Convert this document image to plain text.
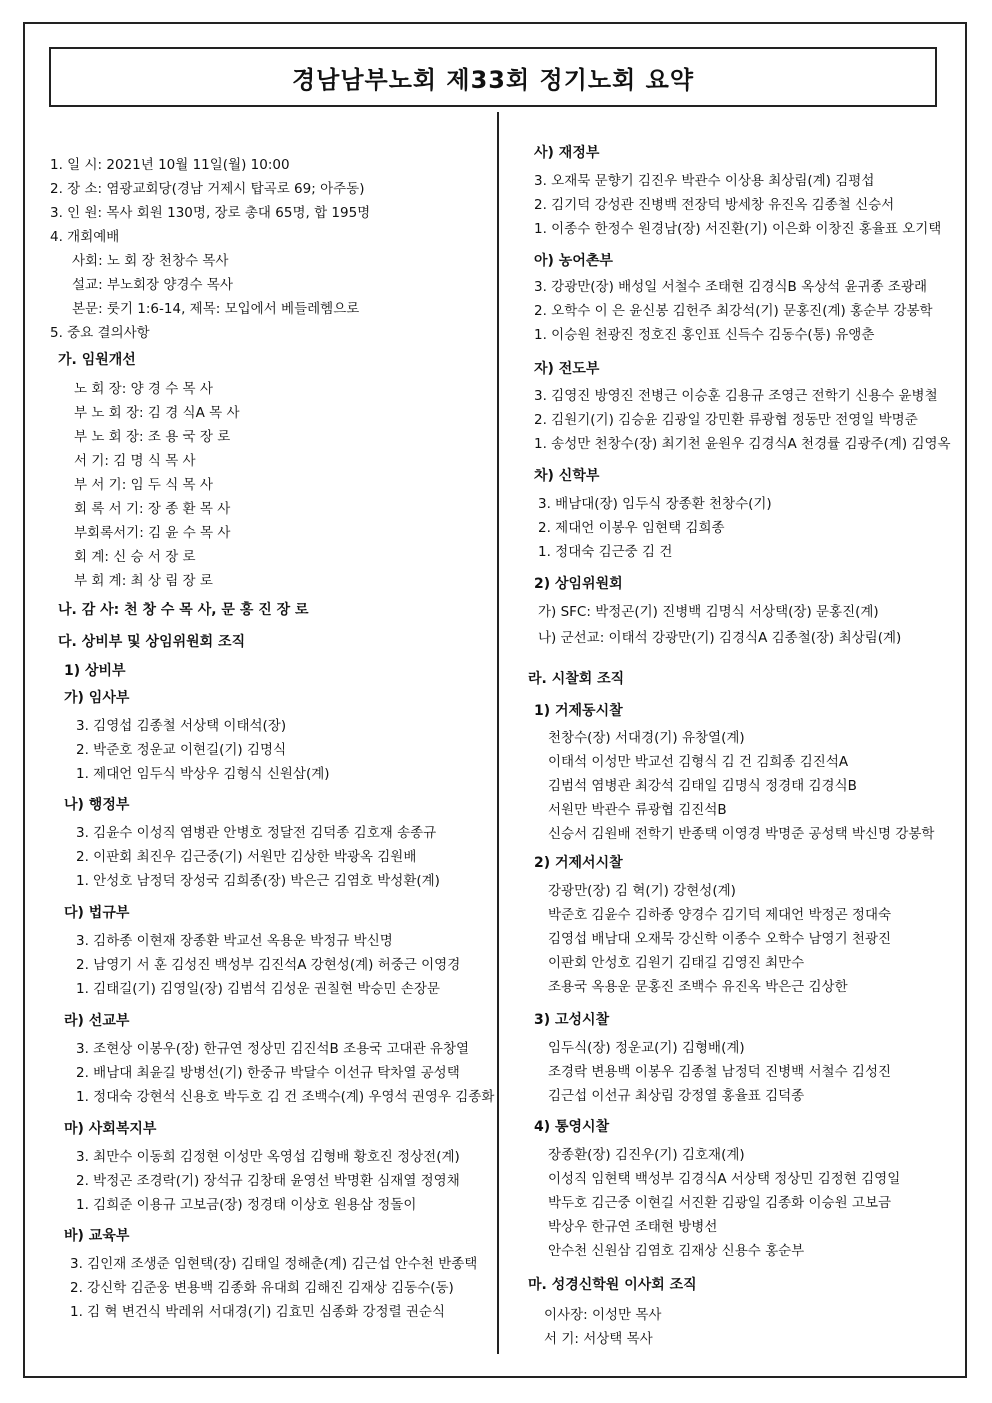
경남남부노회 제33회 정기노회 요약
1. 일 시: 2021년 10월 11일(월) 10:00
2. 장 소: 염광교회당(경남 거제시 탑곡로 69; 아주동)
3. 인 원: 목사 회원 130명, 장로 총대 65명, 합 195명
4. 개회예배
사회: 노 회 장 천창수 목사
설교: 부노회장 양경수 목사
본문: 룻기 1:6-14, 제목: 모입에서 베들레헴으로
5. 중요 결의사항
가. 임원개선
노 회 장: 양 경 수 목 사
부 노 회 장: 김 경 식A 목 사
부 노 회 장: 조 용 국 장 로
서 기: 김 명 식 목 사
부 서 기: 임 두 식 목 사
회 록 서 기: 장 종 환 목 사
부회록서기: 김 윤 수 목 사
회 계: 신 승 서 장 로
부 회 계: 최 상 림 장 로
나. 감 사: 천 창 수 목 사, 문 홍 진 장 로
다. 상비부 및 상임위원회 조직
1) 상비부
가) 임사부
3. 김영섭 김종철 서상택 이태석(장)
2. 박준호 정운교 이현길(기) 김명식
1. 제대언 임두식 박상우 김형식 신원삼(계)
나) 행정부
3. 김윤수 이성직 염병관 안병호 정달전 김덕종 김호재 송종규
2. 이판회 최진우 김근중(기) 서원만 김상한 박광옥 김원배
1. 안성호 남정덕 장성국 김희종(장) 박은근 김염호 박성환(계)
다) 법규부
3. 김하종 이현재 장종환 박교선 옥용운 박정규 박신명
2. 남영기 서 훈 김성진 백성부 김진석A 강현성(계) 허중근 이영경
1. 김태길(기) 김영일(장) 김범석 김성운 권칠현 박승민 손장문
라) 선교부
3. 조현상 이봉우(장) 한규연 정상민 김진석B 조용국 고대관 유창열
2. 배남대 최윤길 방병선(기) 한중규 박달수 이선규 탁차열 공성택
1. 정대숙 강현석 신용호 박두호 김 건 조백수(계) 우영석 권영우 김종화
마) 사회복지부
3. 최만수 이동희 김정현 이성만 옥영섭 김형배 황호진 정상전(계)
2. 박정곤 조경락(기) 장석규 김창태 윤영선 박명환 심재열 정영채
1. 김희준 이용규 고보금(장) 정경태 이상호 원용삼 정돌이
바) 교육부
3. 김인재 조생준 임현택(장) 김태일 정해춘(계) 김근섭 안수천 반종택
2. 강신학 김준웅 변용백 김종화 유대희 김해진 김재상 김동수(동)
1. 김 혁 변건식 박레위 서대경(기) 김효민 심종화 강정렬 권순식
사) 재정부
3. 오재묵 문향기 김진우 박관수 이상용 최상림(계) 김평섭
2. 김기덕 강성관 진병백 전장덕 방세창 유진옥 김종철 신승서
1. 이종수 한정수 원경남(장) 서진환(기) 이은화 이창진 홍율표 오기택
아) 농어촌부
3. 강광만(장) 배성일 서철수 조태현 김경식B 옥상석 윤귀종 조광래
2. 오학수 이 은 윤신봉 김헌주 최강석(기) 문홍진(계) 홍순부 강봉학
1. 이승원 천광진 정호진 홍인표 신득수 김동수(통) 유앵춘
자) 전도부
3. 김영진 방영진 전병근 이승훈 김용규 조영근 전학기 신용수 윤병철
2. 김원기(기) 김승윤 김광일 강민환 류광협 정동만 전영일 박명준
1. 송성만 천창수(장) 최기천 윤원우 김경식A 천경률 김광주(계) 김영옥
차) 신학부
3. 배남대(장) 임두식 장종환 천창수(기)
2. 제대언 이봉우 임현택 김희종
1. 정대숙 김근중 김 건
2) 상임위원회
가) SFC: 박정곤(기) 진병백 김명식 서상택(장) 문홍진(계)
나) 군선교: 이태석 강광만(기) 김경식A 김종철(장) 최상림(계)
라. 시찰회 조직
1) 거제동시찰
천창수(장) 서대경(기) 유창열(계)
이태석 이성만 박교선 김형식 김 건 김희종 김진석A
김범석 염병관 최강석 김태일 김명식 정경태 김경식B
서원만 박관수 류광협 김진석B
신승서 김원배 전학기 반종택 이영경 박명준 공성택 박신명 강봉학
2) 거제서시찰
강광만(장) 김 혁(기) 강현성(계)
박준호 김윤수 김하종 양경수 김기덕 제대언 박정곤 정대숙
김영섭 배남대 오재묵 강신학 이종수 오학수 남영기 천광진
이판회 안성호 김원기 김태길 김영진 최만수
조용국 옥용운 문홍진 조백수 유진옥 박은근 김상한
3) 고성시찰
임두식(장) 정운교(기) 김형배(계)
조경락 변용백 이봉우 김종철 남정덕 진병백 서철수 김성진
김근섭 이선규 최상림 강정열 홍율표 김덕종
4) 통영시찰
장종환(장) 김진우(기) 김호재(계)
이성직 임현택 백성부 김경식A 서상택 정상민 김정현 김영일
박두호 김근중 이현길 서진환 김광일 김종화 이승원 고보금
박상우 한규연 조태현 방병선
안수천 신원삼 김염호 김재상 신용수 홍순부
마. 성경신학원 이사회 조직
이사장: 이성만 목사
서 기: 서상택 목사
